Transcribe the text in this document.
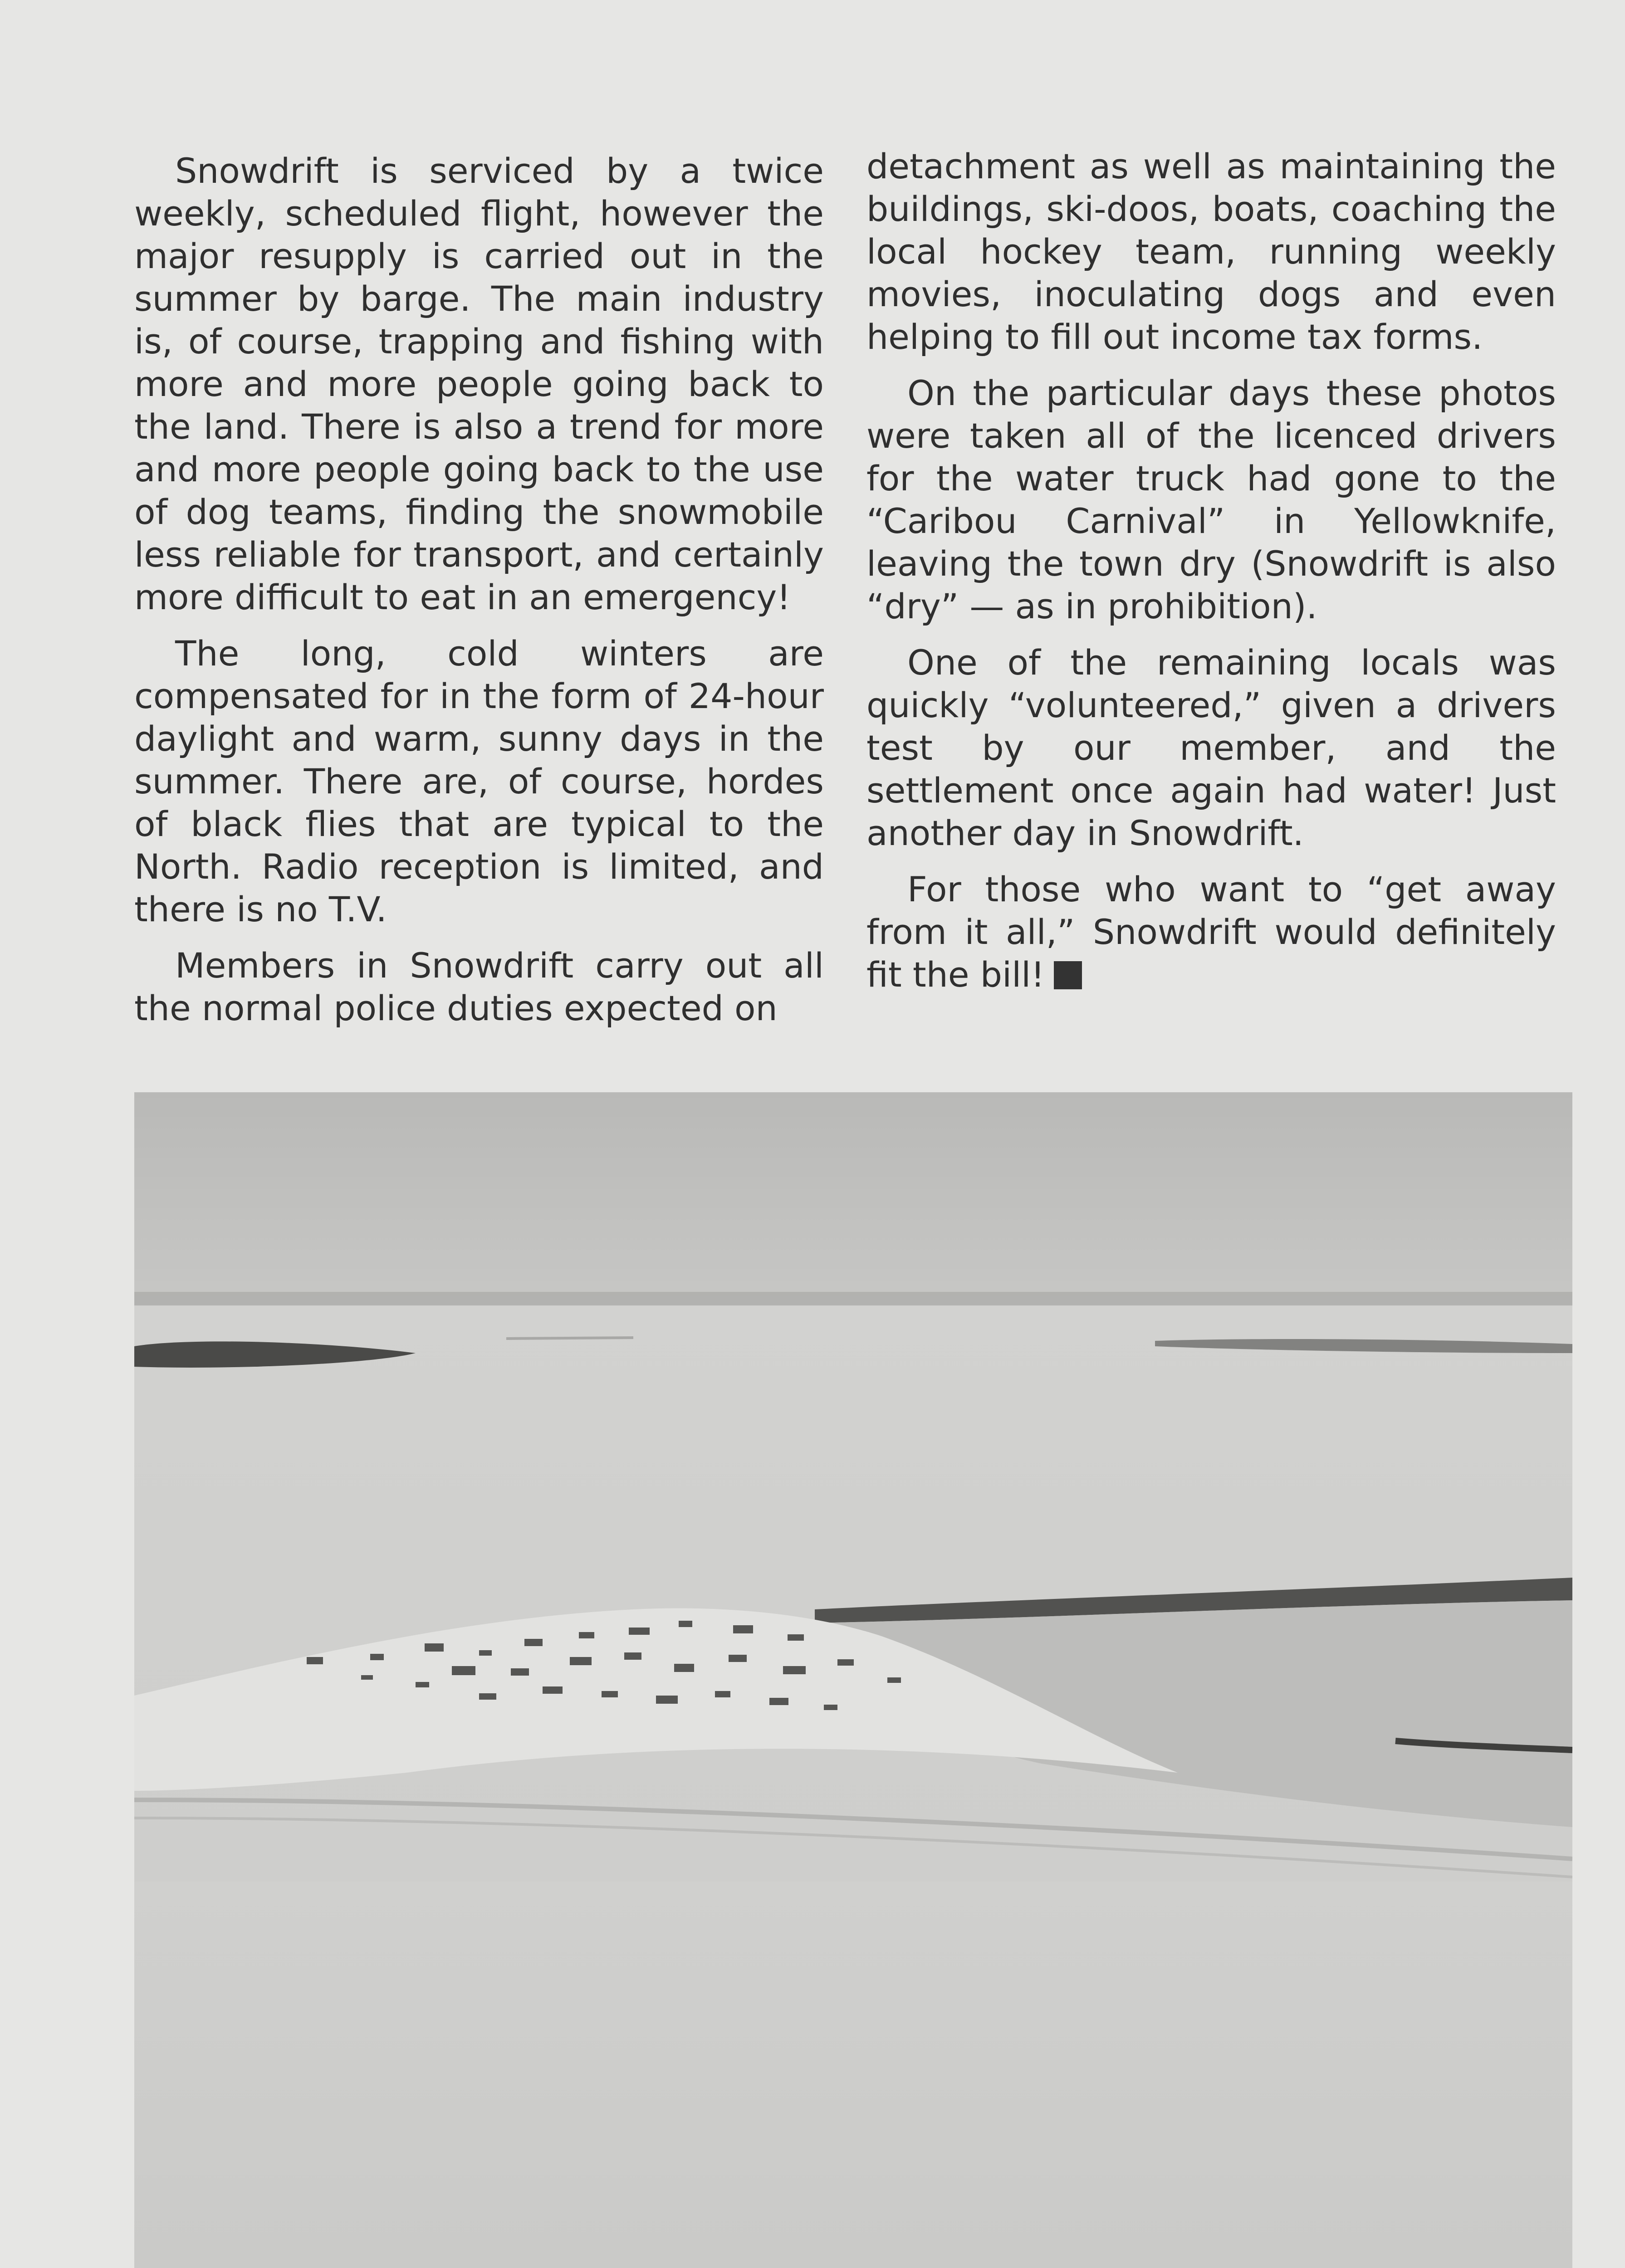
Snowdrift is serviced by a twice weekly, scheduled flight, however the major resupply is carried out in the summer by barge. The main industry is, of course, trapping and fishing with more and more people going back to the land. There is also a trend for more and more people going back to the use of dog teams, finding the snowmobile less reliable for transport, and certainly more difficult to eat in an emergency!

The long, cold winters are compensated for in the form of 24-hour daylight and warm, sunny days in the summer. There are, of course, hordes of black flies that are typical to the North. Radio reception is limited, and there is no T.V.

Members in Snowdrift carry out all the normal police duties expected on

detachment as well as maintaining the buildings, ski-doos, boats, coaching the local hockey team, running weekly movies, inoculating dogs and even helping to fill out income tax forms.

On the particular days these photos were taken all of the licenced drivers for the water truck had gone to the “Caribou Carnival” in Yellowknife, leaving the town dry (Snowdrift is also “dry” — as in prohibition).

One of the remaining locals was quickly “volunteered,” given a drivers test by our member, and the settlement once again had water! Just another day in Snowdrift.

For those who want to “get away from it all,” Snowdrift would definitely fit the bill!
